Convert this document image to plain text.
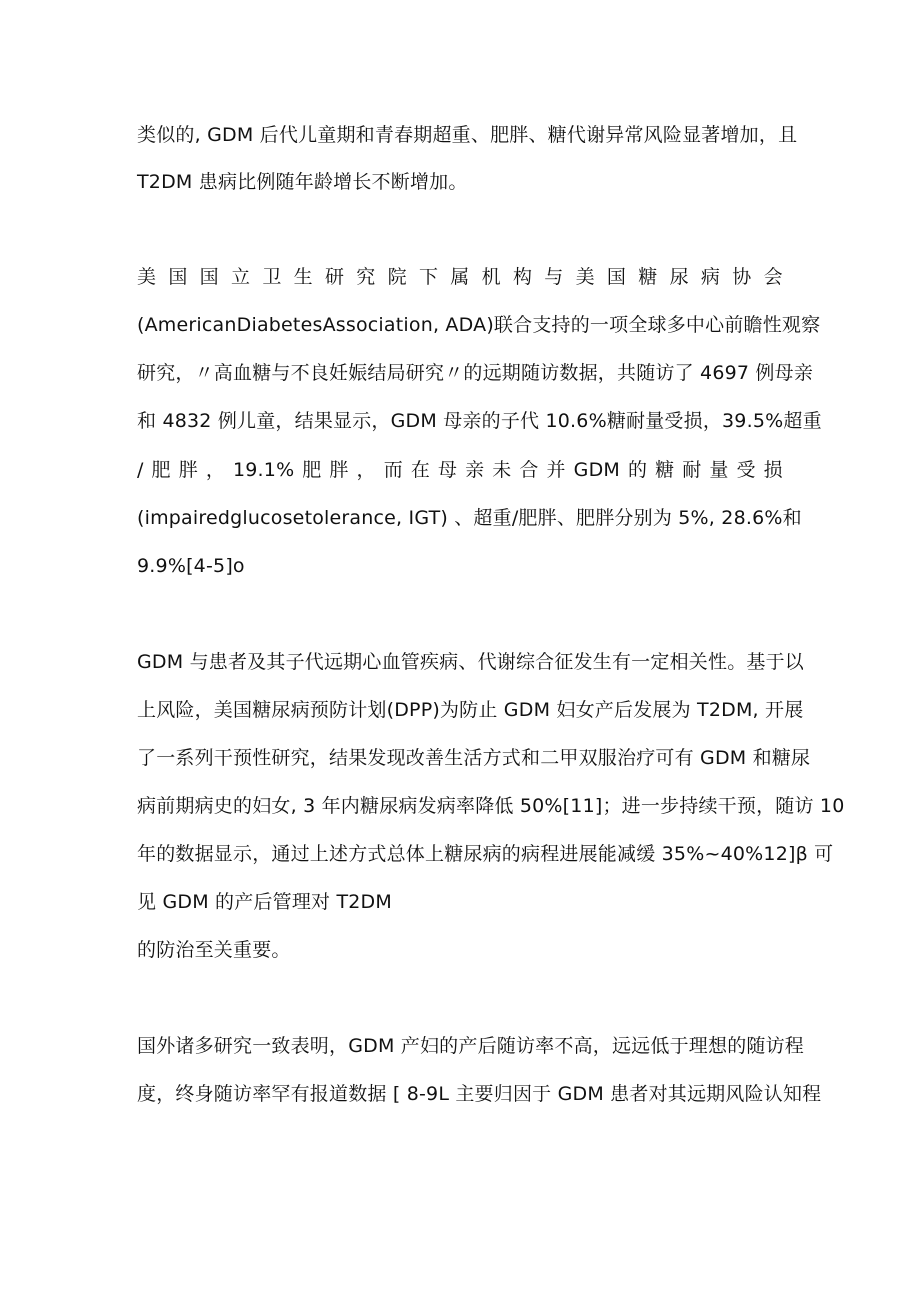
类似的, GDM 后代儿童期和青春期超重、肥胖、糖代谢异常风险显著增加，且
T2DM 患病比例随年龄增长不断增加。
美 国 国 立 卫 生 研 究 院 下 属 机 构 与 美 国 糖 尿 病 协 会
(AmericanDiabetesAssociation, ADA)联合支持的一项全球多中心前瞻性观察
研究，〃高血糖与不良妊娠结局研究〃的远期随访数据，共随访了 4697 例母亲
和 4832 例儿童，结果显示，GDM 母亲的子代 10.6%糖耐量受损，39.5%超重
/ 肥 胖 ， 19.1% 肥 胖 ， 而 在 母 亲 未 合 并 GDM 的 糖 耐 量 受 损
(impairedglucosetolerance, IGT) 、超重/肥胖、肥胖分别为 5%, 28.6%和
9.9%[4-5]o
GDM 与患者及其子代远期心血管疾病、代谢综合征发生有一定相关性。基于以
上风险，美国糖尿病预防计划(DPP)为防止 GDM 妇女产后发展为 T2DM, 开展
了一系列干预性研究，结果发现改善生活方式和二甲双服治疗可有 GDM 和糖尿
病前期病史的妇女, 3 年内糖尿病发病率降低 50%[11]；进一步持续干预，随访 10
年的数据显示，通过上述方式总体上糖尿病的病程进展能减缓 35%~40%12]β 可
见 GDM 的产后管理对 T2DM
的防治至关重要。
国外诸多研究一致表明，GDM 产妇的产后随访率不高，远远低于理想的随访程
度，终身随访率罕有报道数据 [ 8-9L 主要归因于 GDM 患者对其远期风险认知程
